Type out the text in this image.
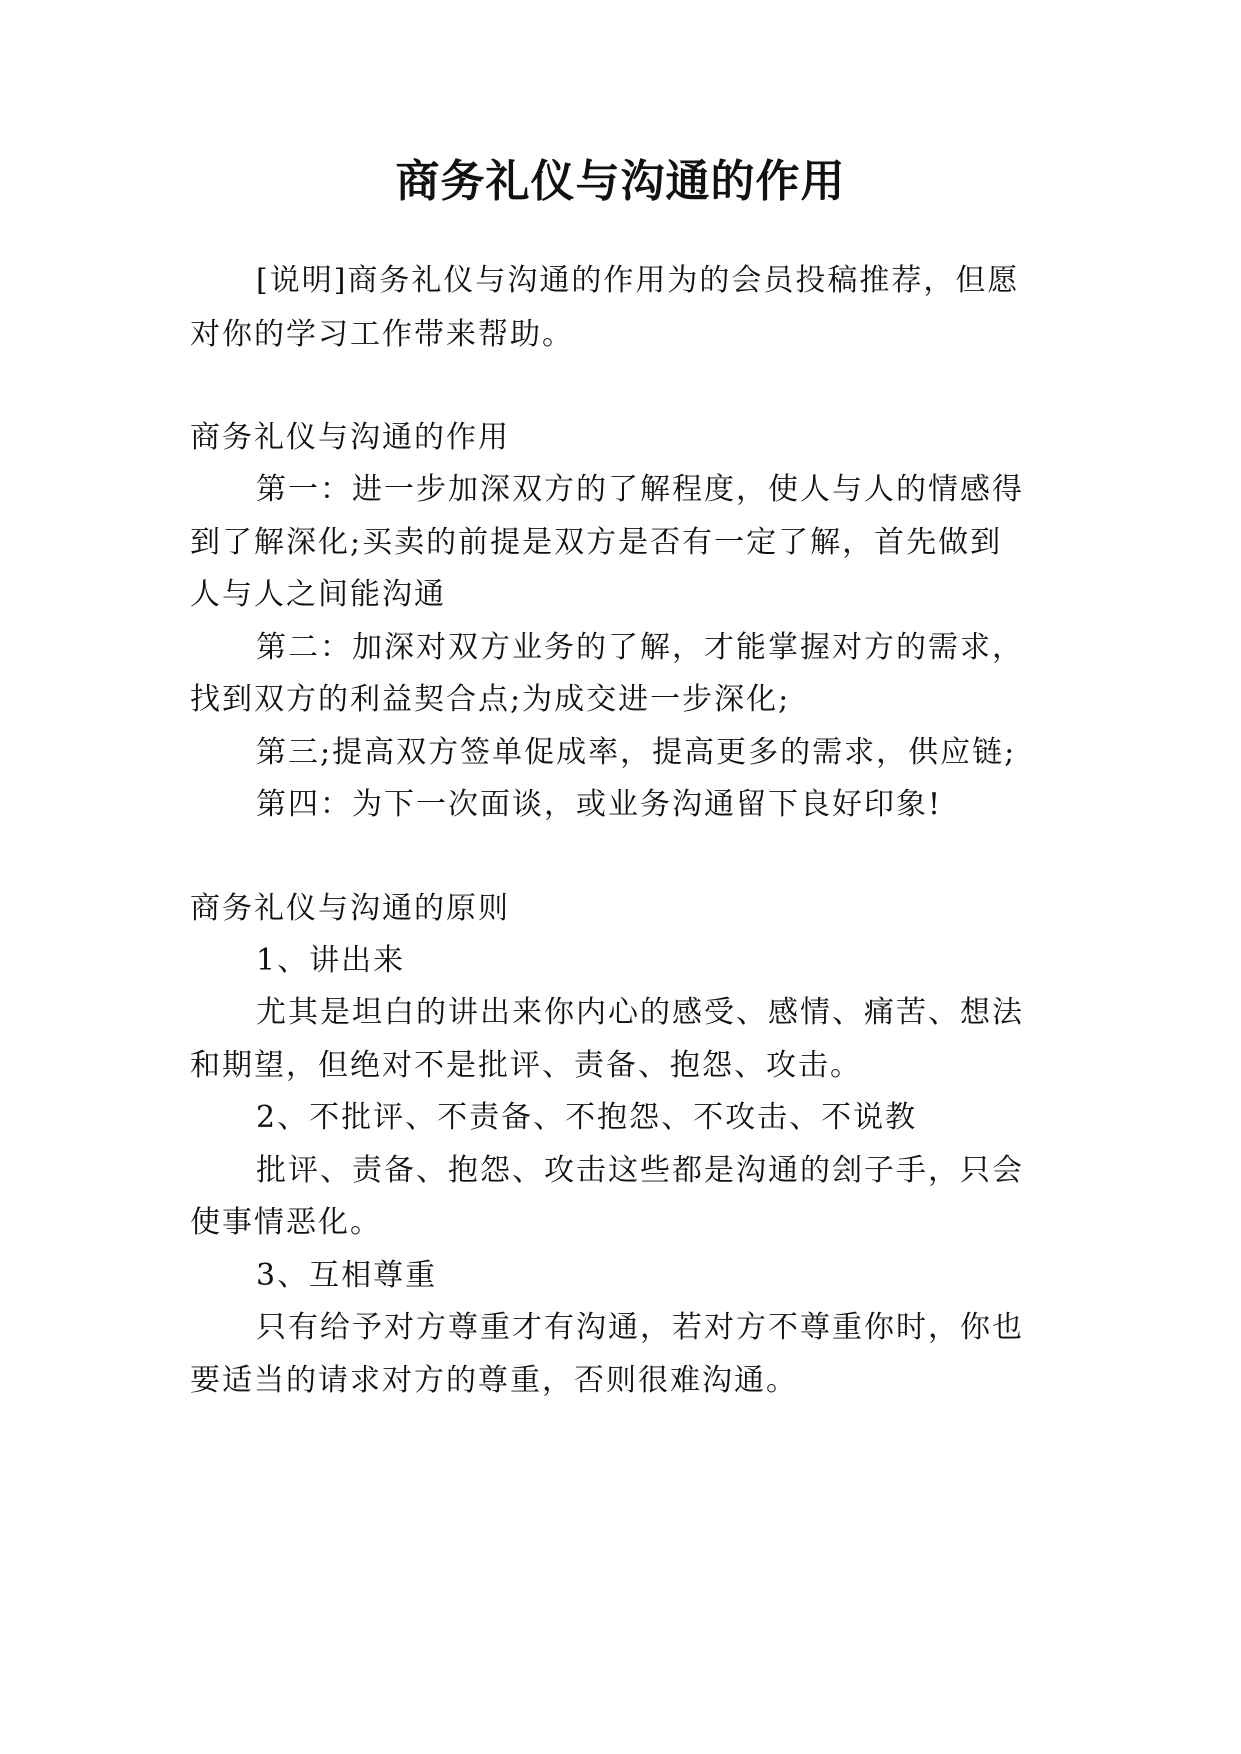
商务礼仪与沟通的作用
[说明]商务礼仪与沟通的作用为的会员投稿推荐，但愿
对你的学习工作带来帮助。
商务礼仪与沟通的作用
第一：进一步加深双方的了解程度，使人与人的情感得
到了解深化;买卖的前提是双方是否有一定了解，首先做到
人与人之间能沟通
第二：加深对双方业务的了解，才能掌握对方的需求，
找到双方的利益契合点;为成交进一步深化;
第三;提高双方签单促成率，提高更多的需求，供应链;
第四：为下一次面谈，或业务沟通留下良好印象!
商务礼仪与沟通的原则
1、讲出来
尤其是坦白的讲出来你内心的感受、感情、痛苦、想法
和期望，但绝对不是批评、责备、抱怨、攻击。
2、不批评、不责备、不抱怨、不攻击、不说教
批评、责备、抱怨、攻击这些都是沟通的刽子手，只会
使事情恶化。
3、互相尊重
只有给予对方尊重才有沟通，若对方不尊重你时，你也
要适当的请求对方的尊重，否则很难沟通。
